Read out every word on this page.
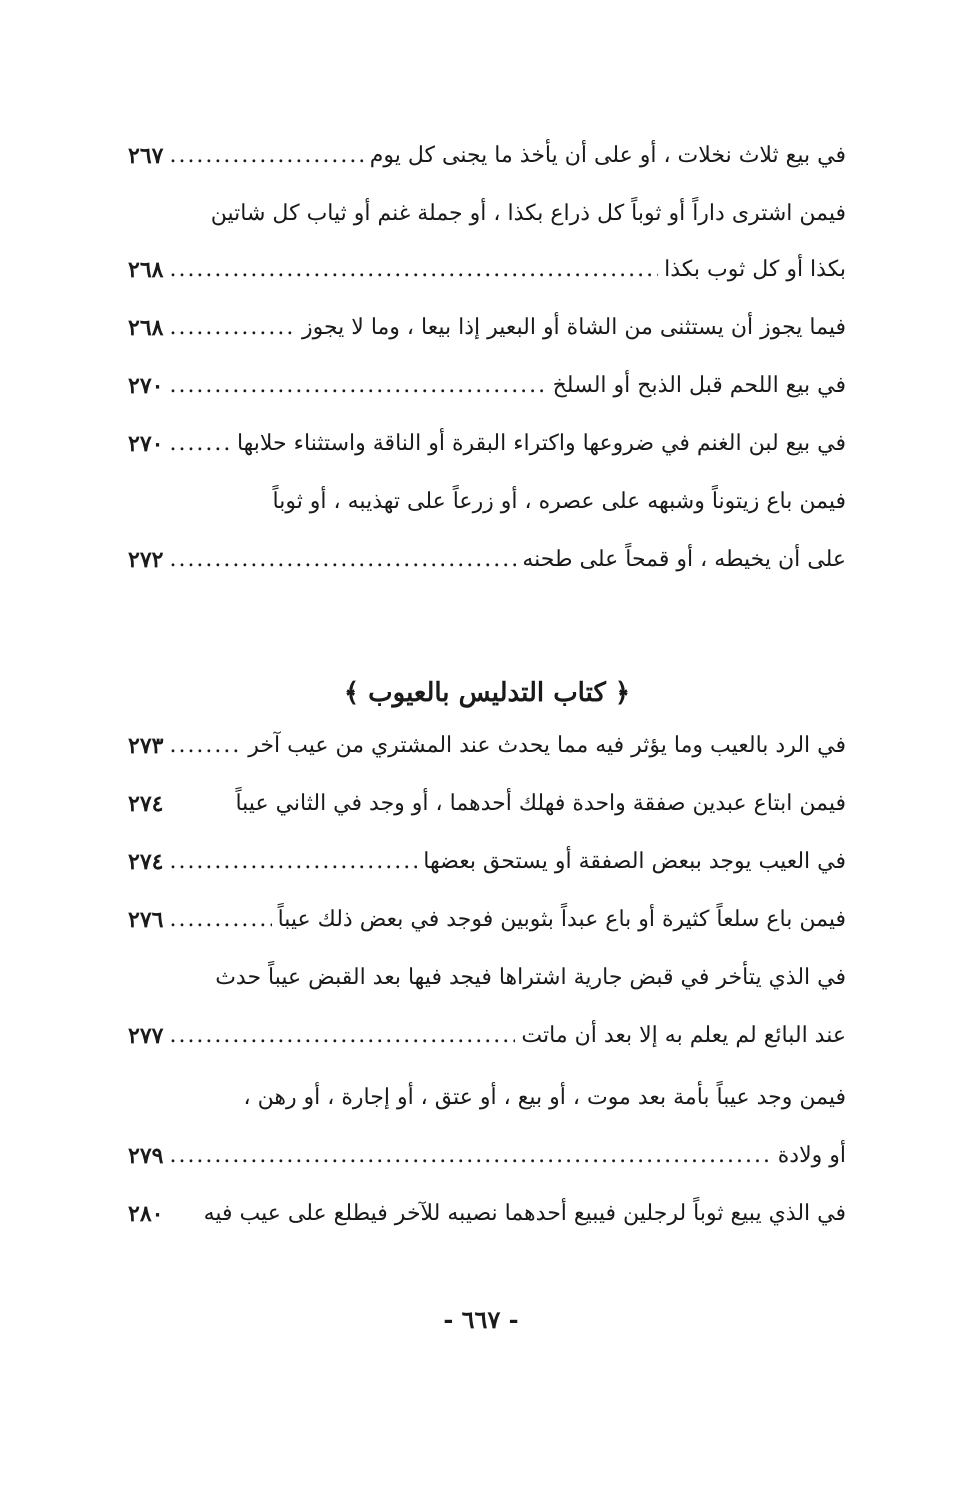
في بيع ثلاث نخلات ، أو على أن يأخذ ما يجنى كل يوم
.....
٢٦٧
فيمن اشترى داراً أو ثوباً كل ذراع بكذا ، أو جملة غنم أو ثياب كل شاتين
بكذا أو كل ثوب بكذا
.....
٢٦٨
فيما يجوز أن يستثنى من الشاة أو البعير إذا بيعا ، وما لا يجوز
.....
٢٦٨
في بيع اللحم قبل الذبح أو السلخ
.....
٢٧٠
في بيع لبن الغنم في ضروعها واكتراء البقرة أو الناقة واستثناء حلابها
.....
٢٧٠
فيمن باع زيتوناً وشبهه على عصره ، أو زرعاً على تهذيبه ، أو ثوباً
على أن يخيطه ، أو قمحاً على طحنه
.....
٢٧٢
﴿ كتاب التدليس بالعيوب ﴾
في الرد بالعيب وما يؤثر فيه مما يحدث عند المشتري من عيب آخر
.....
٢٧٣
فيمن ابتاع عبدين صفقة واحدة فهلك أحدهما ، أو وجد في الثاني عيباً
٢٧٤
في العيب يوجد ببعض الصفقة أو يستحق بعضها
.....
٢٧٤
فيمن باع سلعاً كثيرة أو باع عبداً بثوبين فوجد في بعض ذلك عيباً
.....
٢٧٦
في الذي يتأخر في قبض جارية اشتراها فيجد فيها بعد القبض عيباً حدث
عند البائع لم يعلم به إلا بعد أن ماتت
.....
٢٧٧
فيمن وجد عيباً بأمة بعد موت ، أو بيع ، أو عتق ، أو إجارة ، أو رهن ،
أو ولادة
.....
٢٧٩
في الذي يبيع ثوباً لرجلين فيبيع أحدهما نصيبه للآخر فيطلع على عيب فيه
٢٨٠
- ٦٦٧ -
